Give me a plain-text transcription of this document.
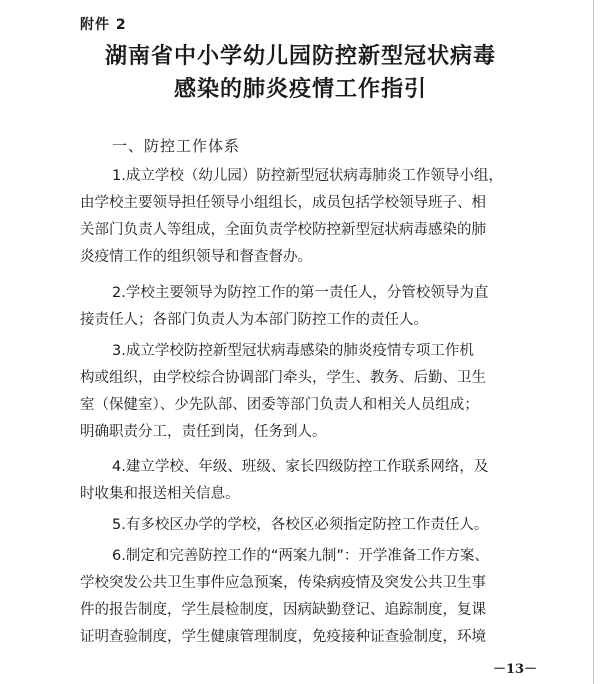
附件 2
湖南省中小学幼儿园防控新型冠状病毒
感染的肺炎疫情工作指引
一、防控工作体系
1.成立学校（幼儿园）防控新型冠状病毒肺炎工作领导小组，
由学校主要领导担任领导小组组长，成员包括学校领导班子、相
关部门负责人等组成，全面负责学校防控新型冠状病毒感染的肺
炎疫情工作的组织领导和督查督办。
2.学校主要领导为防控工作的第一责任人，分管校领导为直
接责任人；各部门负责人为本部门防控工作的责任人。
3.成立学校防控新型冠状病毒感染的肺炎疫情专项工作机
构或组织，由学校综合协调部门牵头，学生、教务、后勤、卫生
室（保健室）、少先队部、团委等部门负责人和相关人员组成；
明确职责分工，责任到岗，任务到人。
4.建立学校、年级、班级、家长四级防控工作联系网络，及
时收集和报送相关信息。
5.有多校区办学的学校，各校区必须指定防控工作责任人。
6.制定和完善防控工作的“两案九制”：开学准备工作方案、
学校突发公共卫生事件应急预案，传染病疫情及突发公共卫生事
件的报告制度，学生晨检制度，因病缺勤登记、追踪制度，复课
证明查验制度，学生健康管理制度，免疫接种证查验制度，环境
－13－
